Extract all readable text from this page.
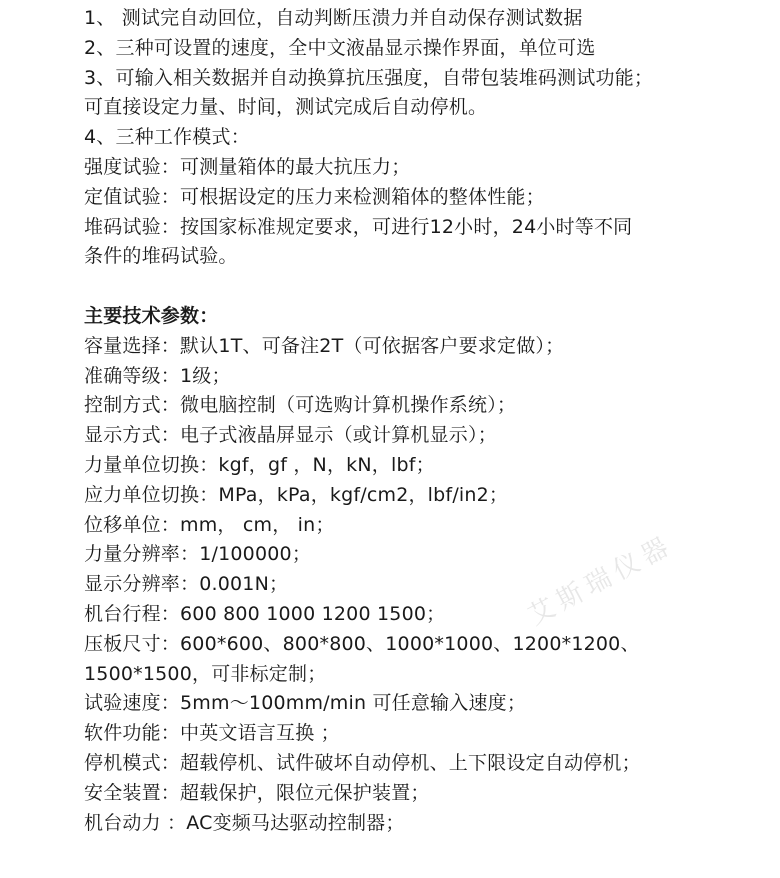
1、 测试完自动回位，自动判断压溃力并自动保存测试数据
2、三种可设置的速度，全中文液晶显示操作界面，单位可选
3、可输入相关数据并自动换算抗压强度，自带包装堆码测试功能；
可直接设定力量、时间，测试完成后自动停机。
4、三种工作模式：
强度试验：可测量箱体的最大抗压力；
定值试验：可根据设定的压力来检测箱体的整体性能；
堆码试验：按国家标准规定要求，可进行12小时，24小时等不同
条件的堆码试验。
主要技术参数：
容量选择：默认1T、可备注2T（可依据客户要求定做）；
准确等级：1级；
控制方式：微电脑控制（可选购计算机操作系统）；
显示方式：电子式液晶屏显示（或计算机显示）；
力量单位切换：kgf，gf ，N，kN，lbf；
应力单位切换：MPa，kPa，kgf/cm2，lbf/in2；
位移单位：mm， cm， in；
力量分辨率：1/100000；
显示分辨率：0.001N；
机台行程：600 800 1000 1200 1500；
压板尺寸：600*600、800*800、1000*1000、1200*1200、
1500*1500，可非标定制；
试验速度：5mm～100mm/min 可任意输入速度；
软件功能：中英文语言互换 ；
停机模式：超载停机、试件破坏自动停机、上下限设定自动停机；
安全装置：超载保护，限位元保护装置；
机台动力 ：AC变频马达驱动控制器；
艾斯瑞仪器
